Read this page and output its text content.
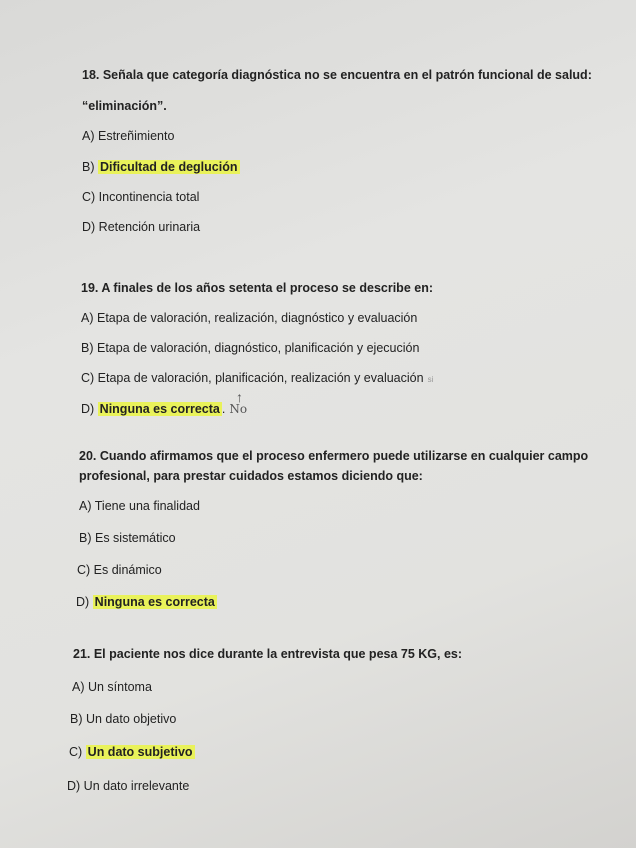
18. Señala que categoría diagnóstica no se encuentra en el patrón funcional de salud:
“eliminación”.
A) Estreñimiento
B) Dificultad de deglución
C) Incontinencia total
D) Retención urinaria
19. A finales de los años setenta el proceso se describe en:
A) Etapa de valoración, realización, diagnóstico y evaluación
B) Etapa de valoración, diagnóstico, planificación y ejecución
C) Etapa de valoración, planificación, realización y evaluación si
D) Ninguna es correcta . No
↑
20. Cuando afirmamos que el proceso enfermero puede utilizarse en cualquier campo
profesional, para prestar cuidados estamos diciendo que:
A) Tiene una finalidad
B) Es sistemático
C) Es dinámico
D) Ninguna es correcta
21. El paciente nos dice durante la entrevista que pesa 75 KG, es:
A) Un síntoma
B) Un dato objetivo
C) Un dato subjetivo
D) Un dato irrelevante
